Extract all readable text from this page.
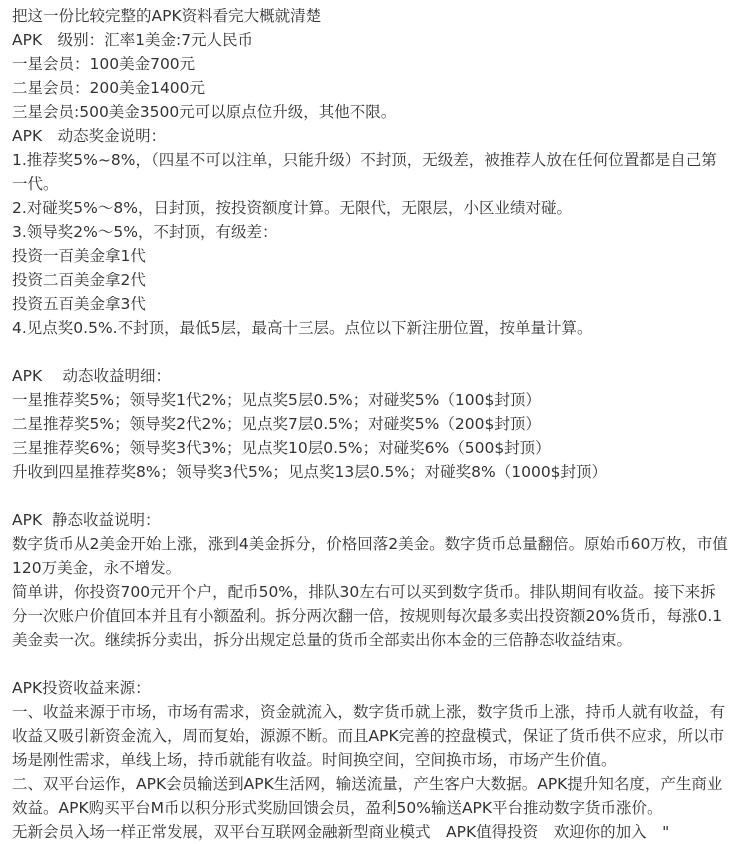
把这一份比较完整的APK资料看完大概就清楚

APK　级别：汇率1美金:7元人民币

一星会员：100美金700元

二星会员：200美金1400元

三星会员:500美金3500元可以原点位升级，其他不限。

APK　动态奖金说明：

1.推荐奖5%~8%，（四星不可以注单，只能升级）不封顶，无级差，被推荐人放在任何位置都是自己第一代。

2.对碰奖5%～8%，日封顶，按投资额度计算。无限代，无限层，小区业绩对碰。

3.领导奖2%～5%，不封顶，有级差：

投资一百美金拿1代

投资二百美金拿2代

投资五百美金拿3代

4.见点奖0.5%.不封顶，最低5层，最高十三层。点位以下新注册位置，按单量计算。

APK　 动态收益明细：

一星推荐奖5%；领导奖1代2%；见点奖5层0.5%；对碰奖5%（100$封顶）

二星推荐奖5%；领导奖2代2%；见点奖7层0.5%；对碰奖5%（200$封顶）

三星推荐奖6%；领导奖3代3%；见点奖10层0.5%；对碰奖6%（500$封顶）

升收到四星推荐奖8%；领导奖3代5%；见点奖13层0.5%；对碰奖8%（1000$封顶）

APK  静态收益说明：

数字货币从2美金开始上涨，涨到4美金拆分，价格回落2美金。数字货币总量翻倍。原始币60万枚，市值120万美金，永不增发。

简单讲，你投资700元开个户，配币50%，排队30左右可以买到数字货币。排队期间有收益。接下来拆分一次账户价值回本并且有小额盈利。拆分两次翻一倍，按规则每次最多卖出投资额20%货币，每涨0.1美金卖一次。继续拆分卖出，拆分出规定总量的货币全部卖出你本金的三倍静态收益结束。

APK投资收益来源：

一、收益来源于市场，市场有需求，资金就流入，数字货币就上涨，数字货币上涨，持币人就有收益，有收益又吸引新资金流入，周而复始，源源不断。而且APK完善的控盘模式，保证了货币供不应求，所以市场是刚性需求，单线上场，持币就能有收益。时间换空间，空间换市场，市场产生价值。

二、双平台运作，APK会员输送到APK生活网，输送流量，产生客户大数据。APK提升知名度，产生商业效益。APK购买平台M币以积分形式奖励回馈会员，盈利50%输送APK平台推动数字货币涨价。

无新会员入场一样正常发展，双平台互联网金融新型商业模式　APK值得投资　欢迎你的加入　"
